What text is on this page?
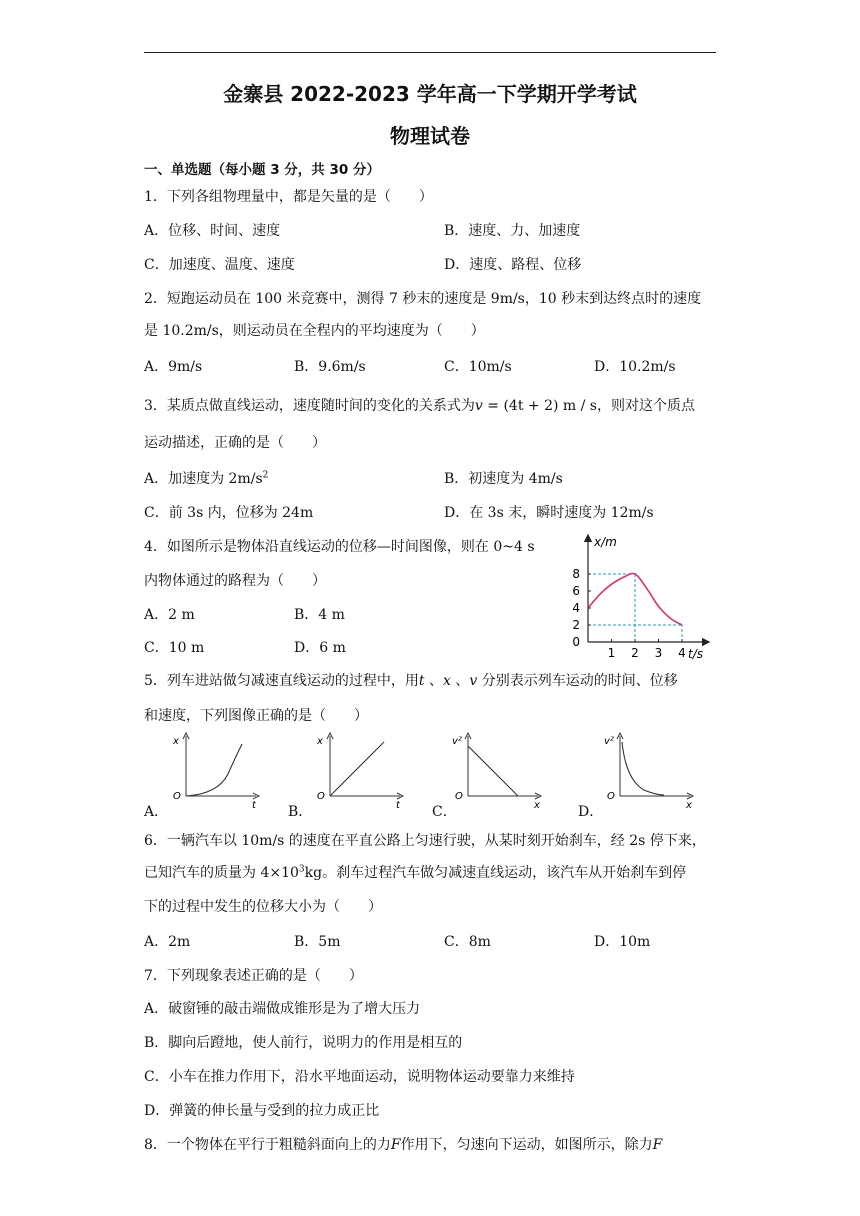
金寨县 2022-2023 学年高一下学期开学考试
物理试卷
一、单选题（每小题 3 分，共 30 分）
1．下列各组物理量中，都是矢量的是（　　）
A．位移、时间、速度	B．速度、力、加速度
C．加速度、温度、速度	D．速度、路程、位移
2．短跑运动员在 100 米竞赛中，测得 7 秒末的速度是 9m/s，10 秒末到达终点时的速度
是 10.2m/s，则运动员在全程内的平均速度为（　　）
A．9m/s	B．9.6m/s	C．10m/s	D．10.2m/s
3．某质点做直线运动，速度随时间的变化的关系式为v = (4t + 2) m / s，则对这个质点
运动描述，正确的是（　　）
A．加速度为 $2m/s^2$	B．初速度为 4m/s
C．前 3s 内，位移为 24m	D．在 3s 末，瞬时速度为 12m/s
4．如图所示是物体沿直线运动的位移—时间图像，则在 0~4 s
内物体通过的路程为（　　）
A．2 m	B．4 m
C．10 m	D．6 m	1 2 3 4
2
4
6
8
0
x/m
t/s
5．列车进站做匀减速直线运动的过程中，用t 、x 、v 分别表示列车运动的时间、位移
和速度，下列图像正确的是（　　）
A．
x
t
O
B．
x
t
O
C．
v²
x
O
D．
v²
x
O
6．一辆汽车以 10m/s 的速度在平直公路上匀速行驶，从某时刻开始刹车，经 2s 停下来，
已知汽车的质量为 $4\times 10^3kg$。刹车过程汽车做匀减速直线运动，该汽车从开始刹车到停
下的过程中发生的位移大小为（　　）
A．2m	B．5m	C．8m	D．10m
7．下列现象表述正确的是（　　）
A．破窗锤的敲击端做成锥形是为了增大压力
B．脚向后蹬地，使人前行，说明力的作用是相互的
C．小车在推力作用下，沿水平地面运动，说明物体运动要靠力来维持
D．弹簧的伸长量与受到的拉力成正比
8．一个物体在平行于粗糙斜面向上的力F作用下，匀速向下运动，如图所示，除力F
